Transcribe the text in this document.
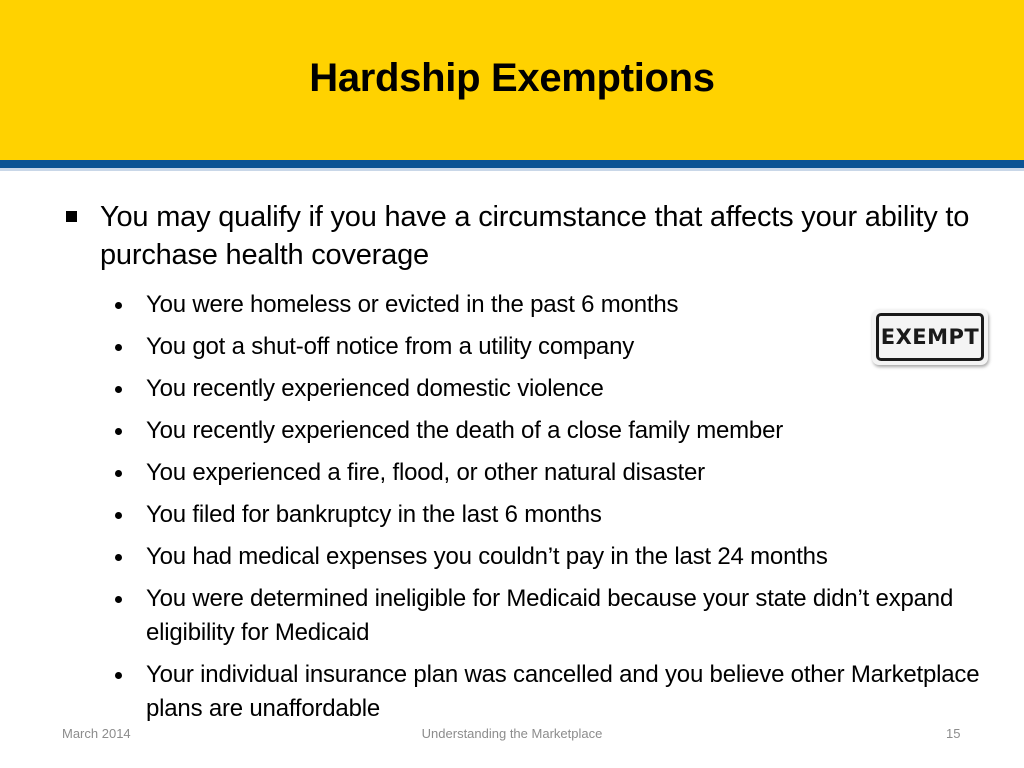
Hardship Exemptions

You may qualify if you have a circumstance that affects your ability to purchase health coverage

You were homeless or evicted in the past 6 months
You got a shut-off notice from a utility company
You recently experienced domestic violence
You recently experienced the death of a close family member
You experienced a fire, flood, or other natural disaster
You filed for bankruptcy in the last 6 months
You had medical expenses you couldn’t pay in the last 24 months
You were determined ineligible for Medicaid because your state didn’t expand eligibility for Medicaid
Your individual insurance plan was cancelled and you believe other Marketplace plans are unaffordable
EXEMPT
March 2014	Understanding the Marketplace	15
